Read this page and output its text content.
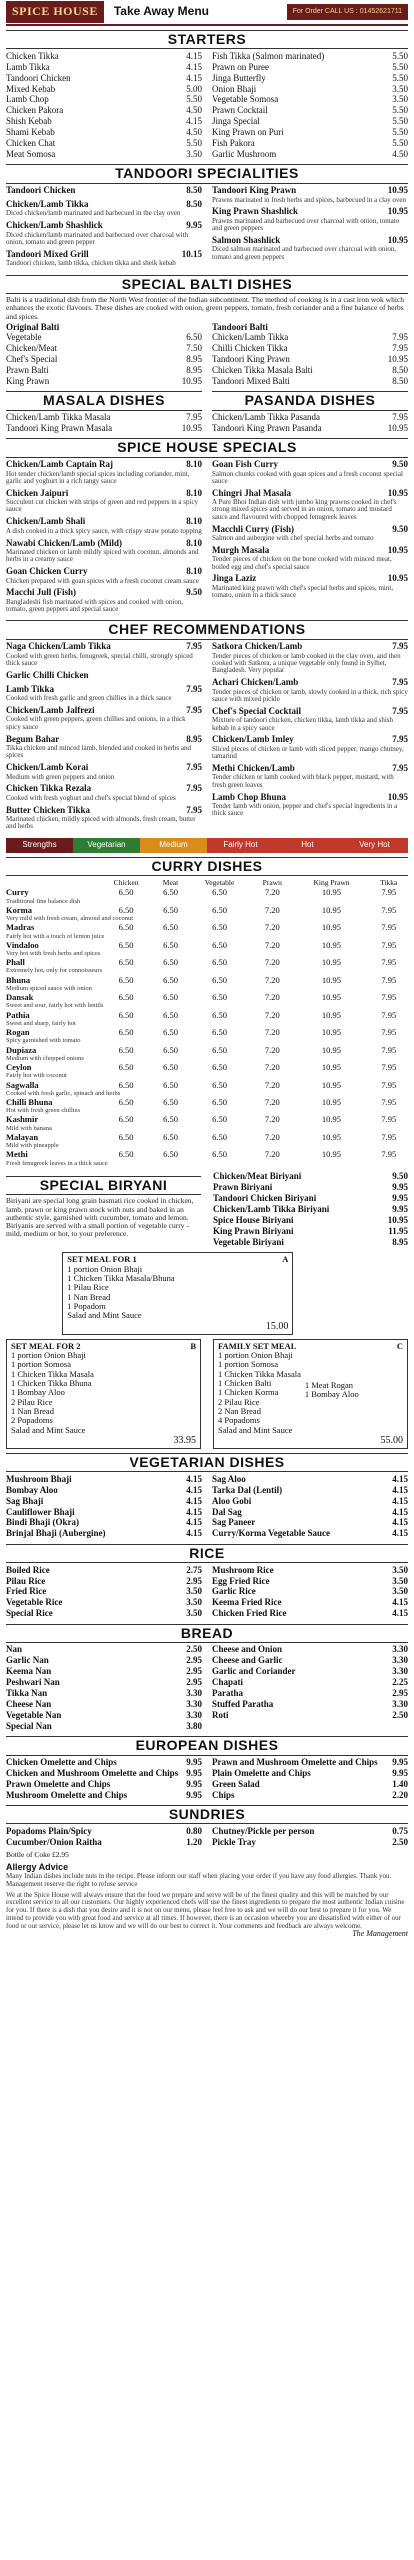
SPICE HOUSE	Take Away Menu	For Order CALL US : 01452621711
STARTERS
Chicken Tikka	4.15
Lamb Tikka	4.15
Tandoori Chicken	4.15
Mixed Kebab	5.00
Lamb Chop	5.50
Chicken Pakora	4.50
Shish Kebab	4.15
Shami Kebab	4.50
Chicken Chat	5.50
Meat Somosa	3.50
Fish Tikka (Salmon marinated)	5.50
Prawn on Puree	5.50
Jinga Butterfly	5.50
Onion Bhaji	3.50
Vegetable Somosa	3.50
Prawn Cocktail	5.50
Jinga Special	5.50
King Prawn on Puri	5.50
Fish Pakora	5.50
Garlic Mushroom	4.50
TANDOORI SPECIALITIES
Tandoori Chicken	8.50
Chicken/Lamb Tikka	8.50
Diced chicken/lamb marinated and barbecued in the clay oven
Chicken/Lamb Shashlick	9.95
Diced chicken/lamb marinated and barbecued over charcoal with onion, tomato and green pepper
Tandoori Mixed Grill	10.15
Tandoori chicken, lamb tikka, chicken tikka and sheik kebab
Tandoori King Prawn	10.95
Prawns marinated in fresh herbs and spices, barbecued in a clay oven
King Prawn Shashlick	10.95
Prawns marinated and barbecued over charcoal with onion, tomato and green peppers
Salmon Shashlick	10.95
Diced salmon marinated and barbecued over charcoal with onion, tomato and green peppers
SPECIAL BALTI DISHES
Balti is a traditional dish from the North West frontier of the Indian subcontinent. The method of cooking is in a cast iron wok which enhances the exotic flavours. These dishes are cooked with onion, green peppers, tomato, fresh coriander and a fine balance of herbs and spices.
Original Balti
Vegetable	6.50
Chicken/Meat	7.50
Chef's Special	8.95
Prawn Balti	8.95
King Prawn	10.95
Tandoori Balti
Chicken/Lamb Tikka	7.95
Chilli Chicken Tikka	7.95
Tandoori King Prawn	10.95
Chicken Tikka Masala Balti	8.50
Tandoori Mixed Balti	8.50
MASALA DISHES
Chicken/Lamb Tikka Masala	7.95
Tandoori King Prawn Masala	10.95
PASANDA DISHES
Chicken/Lamb Tikka Pasanda	7.95
Tandoori King Prawn Pasanda	10.95
SPICE HOUSE SPECIALS
Chicken/Lamb Captain Raj	8.10
Hot tender chicken/lamb special spices including coriander, mint, garlic and yoghurt in a rich tangy sauce
Chicken Jaipuri	8.10
Succulent cut chicken with strips of green and red peppers in a spicy sauce
Chicken/Lamb Shali	8.10
A dish cooked in a thick spicy sauce, with crispy straw potato topping
Nawabi Chicken/Lamb (Mild)	8.10
Marinated chicken or lamb mildly spiced with coconut, almonds and herbs in a creamy sauce
Goan Chicken Curry	8.10
Chicken prepared with goan spices with a fresh coconut cream sauce
Macchi Jull (Fish)	9.50
Bangladeshi fish marinated with spices and cooked with onion, tomato, green peppers and special sauce
Goan Fish Curry	9.50
Salmon chunks cooked with goan spices and a fresh coconut special sauce
Chingri Jhal Masala	10.95
A Pure Bhoi Indian dish with jumbo king prawns cooked in chef's strong mixed spices and served in an onion, tomato and mustard sauce and flavoured with chopped fenugreek leaves
Macchli Curry (Fish)	9.50
Salmon and aubergine with chef special herbs and tomato
Murgh Masala	10.95
Tender pieces of chicken on the bone cooked with minced meat, boiled egg and chef's special sauce
Jinga Laziz	10.95
Marinated king prawn with chef's special herbs and spices, mint, tomato, onion in a thick sauce
CHEF RECOMMENDATIONS
Naga Chicken/Lamb Tikka	7.95
Cooked with green herbs, fenugreek, special chilli, strongly spiced thick sauce
Garlic Chilli Chicken
Lamb Tikka	7.95
Cooked with fresh garlic and green chillies in a thick sauce
Chicken/Lamb Jalfrezi	7.95
Cooked with green peppers, green chillies and onions, in a thick spicy sauce
Begum Bahar	8.95
Tikka chicken and minced lamb, blended and cooked in herbs and spices
Chicken/Lamb Korai	7.95
Medium with green peppers and onion
Chicken Tikka Rezala	7.95
Cooked with fresh yoghurt and chef's special blend of spices
Butter Chicken Tikka	7.95
Marinated chicken, mildly spiced with almonds, fresh cream, butter and herbs
Satkora Chicken/Lamb	7.95
Tender pieces of chicken or lamb cooked in the clay oven, and then cooked with Satkora, a unique vegetable only found in Sylhet, Bangladesh. Very popular
Achari Chicken/Lamb	7.95
Tender pieces of chicken or lamb, slowly cooked in a thick, rich spicy sauce with mixed pickle
Chef's Special Cocktail	7.95
Mixture of tandoori chicken, chicken tikka, lamb tikka and shish kebab in a spicy sauce
Chicken/Lamb Imley	7.95
Sliced pieces of chicken or lamb with sliced pepper, mango chutney, tamarind
Methi Chicken/Lamb	7.95
Tender chicken or lamb cooked with black pepper, mustard, with fresh green leaves
Lamb Chop Bhuna	10.95
Tender lamb with onion, pepper and chef's special ingredients in a thick sauce
Strengths	Vegetarian	Medium	Fairly Hot	Hot	Very Hot
CURRY DISHES
	Chicken	Meat	Vegetable	Prawn	King Prawn	Tikka
Curry	6.50	6.50	6.50	7.20	10.95	7.95
Traditional fine balance dish						
Korma	6.50	6.50	6.50	7.20	10.95	7.95
Very mild with fresh cream, almond and coconut						
Madras	6.50	6.50	6.50	7.20	10.95	7.95
Fairly hot with a touch of lemon juice						
Vindaloo	6.50	6.50	6.50	7.20	10.95	7.95
Very hot with fresh herbs and spices						
Phall	6.50	6.50	6.50	7.20	10.95	7.95
Extremely hot, only for connoisseurs						
Bhuna	6.50	6.50	6.50	7.20	10.95	7.95
Medium spiced sauce with onion						
Dansak	6.50	6.50	6.50	7.20	10.95	7.95
Sweet and sour, fairly hot with lentils						
Pathia	6.50	6.50	6.50	7.20	10.95	7.95
Sweet and sharp, fairly hot						
Rogan	6.50	6.50	6.50	7.20	10.95	7.95
Spicy garnished with tomato						
Dupiaza	6.50	6.50	6.50	7.20	10.95	7.95
Medium with chopped onions						
Ceylon	6.50	6.50	6.50	7.20	10.95	7.95
Fairly hot with coconut						
Sagwalla	6.50	6.50	6.50	7.20	10.95	7.95
Cooked with fresh garlic, spinach and herbs						
Chilli Bhuna	6.50	6.50	6.50	7.20	10.95	7.95
Hot with fresh green chillies						
Kashmir	6.50	6.50	6.50	7.20	10.95	7.95
Mild with banana						
Malayan	6.50	6.50	6.50	7.20	10.95	7.95
Mild with pineapple						
Methi	6.50	6.50	6.50	7.20	10.95	7.95
Fresh fenugreek leaves in a thick sauce						
SPECIAL BIRYANI
Biriyani are special long grain basmati rice cooked in chicken, lamb, prawn or king prawn stock with nuts and baked in an authentic style, garnished with cucumber, tomato and lemon. Biriyanis are served with a small portion of vegetable curry - mild, medium or hot, to your preference.
Chicken/Meat Biriyani	9.50
Prawn Biriyani	9.95
Tandoori Chicken Biriyani	9.95
Chicken/Lamb Tikka Biriyani	9.95
Spice House Biriyani	10.95
King Prawn Biriyani	11.95
Vegetable Biriyani	8.95
SET MEAL FOR 1	A
1 portion Onion Bhaji
1 Chicken Tikka Masala/Bhuna
1 Pilau Rice
1 Nan Bread
1 Popadom
Salad and Mint Sauce
15.00
SET MEAL FOR 2	B
1 portion Onion Bhaji
1 portion Somosa
1 Chicken Tikka Masala
1 Chicken Tikka Bhuna
1 Bombay Aloo
2 Pilau Rice
1 Nan Bread
2 Popadoms
Salad and Mint Sauce
33.95
FAMILY SET MEAL	C
1 portion Onion Bhaji
1 portion Somosa
1 Chicken Tikka Masala
1 Chicken Balti
1 Chicken Korma
2 Pilau Rice
2 Nan Bread
4 Popadoms
Salad and Mint Sauce
1 Meat Rogan
1 Bombay Aloo
55.00
VEGETARIAN DISHES
Mushroom Bhaji	4.15
Bombay Aloo	4.15
Sag Bhaji	4.15
Cauliflower Bhaji	4.15
Bindi Bhaji (Okra)	4.15
Brinjal Bhaji (Aubergine)	4.15
Sag Aloo	4.15
Tarka Dal (Lentil)	4.15
Aloo Gobi	4.15
Dal Sag	4.15
Sag Paneer	4.15
Curry/Korma Vegetable Sauce	4.15
RICE
Boiled Rice	2.75
Pilau Rice	2.95
Fried Rice	3.50
Vegetable Rice	3.50
Special Rice	3.50
Mushroom Rice	3.50
Egg Fried Rice	3.50
Garlic Rice	3.50
Keema Fried Rice	4.15
Chicken Fried Rice	4.15
BREAD
Nan	2.50
Garlic Nan	2.95
Keema Nan	2.95
Peshwari Nan	2.95
Tikka Nan	3.30
Cheese Nan	3.30
Vegetable Nan	3.30
Special Nan	3.80
Cheese and Onion	3.30
Cheese and Garlic	3.30
Garlic and Coriander	3.30
Chapati	2.25
Paratha	2.95
Stuffed Paratha	3.30
Roti	2.50
EUROPEAN DISHES
Chicken Omelette and Chips	9.95
Chicken and Mushroom Omelette and Chips 9.95
Prawn Omelette and Chips	9.95
Mushroom Omelette and Chips	9.95
Prawn and Mushroom Omelette and Chips 9.95
Plain Omelette and Chips	9.95
Green Salad	1.40
Chips	2.20
SUNDRIES
Popadoms Plain/Spicy	0.80
Cucumber/Onion Raitha	1.20
Chutney/Pickle per person	0.75
Pickle Tray	2.50
Bottle of Coke £2.95
Allergy Advice
Many Indian dishes include nuts in the recipe. Please inform our staff when placing your order if you have any food allergies. Thank you. Management reserve the right to refuse service
We at the Spice House will always ensure that the food we prepare and serve will be of the finest quality and this will be matched by our excellent service to all our customers. Our highly experienced chefs will use the finest ingredients to prepare the most authentic Indian cuisine for you. If there is a dish that you desire and it is not on our menu, please feel free to ask and we will do our best to prepare it for you. We intend to provide you with great food and service at all times. If however, there is an occasion whereby you are dissatisfied with either of our food or our service, please let us know and we will do our best to correct it. Your comments and feedback are always welcome.
The Management
